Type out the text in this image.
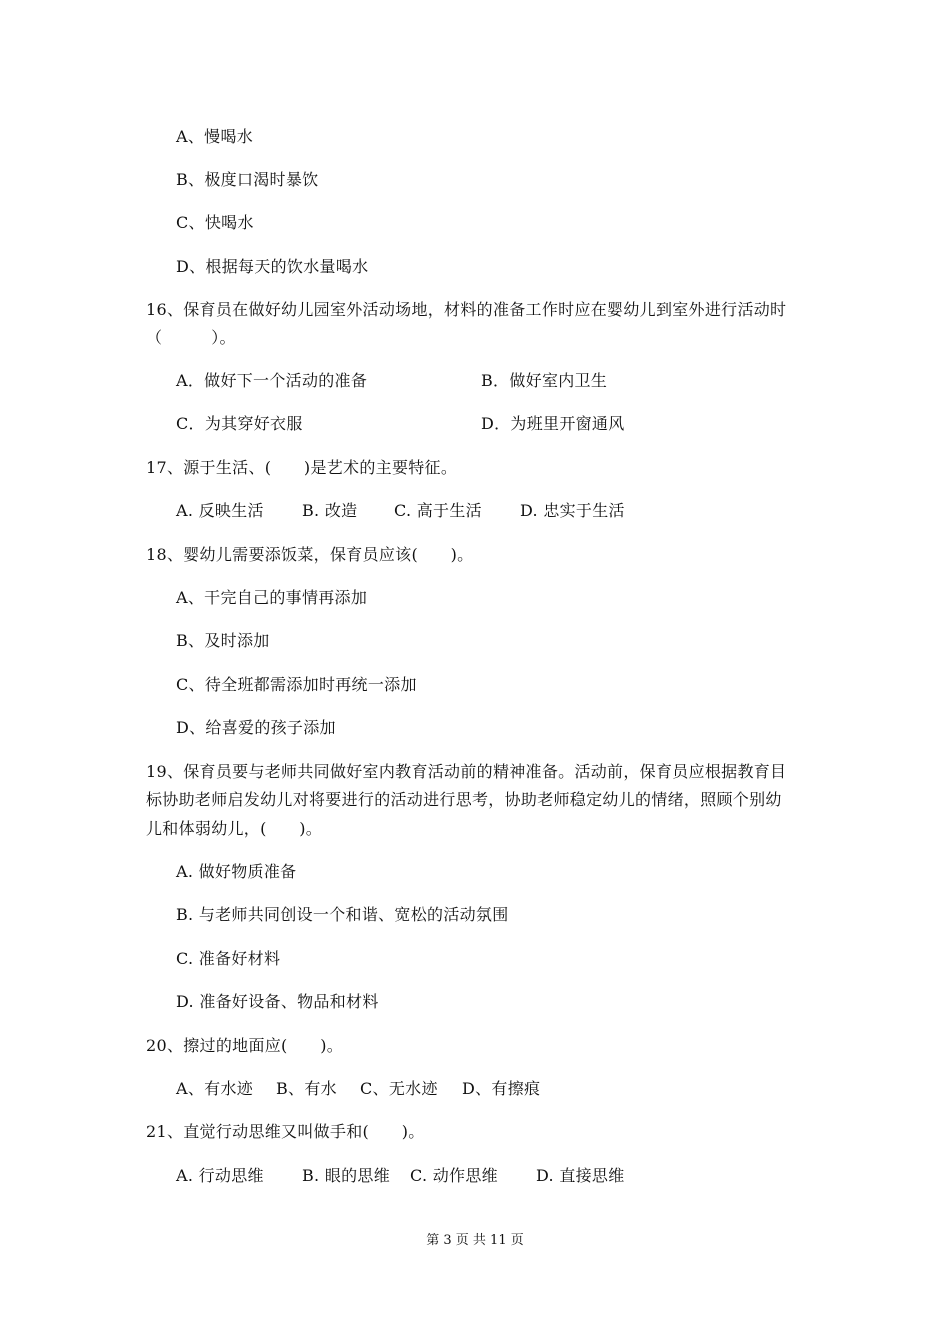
A、慢喝水
B、极度口渴时暴饮
C、快喝水
D、根据每天的饮水量喝水
16、保育员在做好幼儿园室外活动场地，材料的准备工作时应在婴幼儿到室外进行活动时
（　　　）。
A．做好下一个活动的准备	B．做好室内卫生
C．为其穿好衣服	D．为班里开窗通风
17、源于生活、(　　)是艺术的主要特征。
A. 反映生活 B. 改造 C. 高于生活 D. 忠实于生活
18、婴幼儿需要添饭菜，保育员应该(　　)。
A、干完自己的事情再添加
B、及时添加
C、待全班都需添加时再统一添加
D、给喜爱的孩子添加
19、保育员要与老师共同做好室内教育活动前的精神准备。活动前，保育员应根据教育目
标协助老师启发幼儿对将要进行的活动进行思考，协助老师稳定幼儿的情绪，照顾个别幼
儿和体弱幼儿，(　　)。
A. 做好物质准备
B. 与老师共同创设一个和谐、宽松的活动氛围
C. 准备好材料
D. 准备好设备、物品和材料
20、擦过的地面应(　　)。
A、有水迹 B、有水 C、无水迹 D、有擦痕
21、直觉行动思维又叫做手和(　　)。
A. 行动思维 B. 眼的思维 C. 动作思维 D. 直接思维
第 3 页 共 11 页
